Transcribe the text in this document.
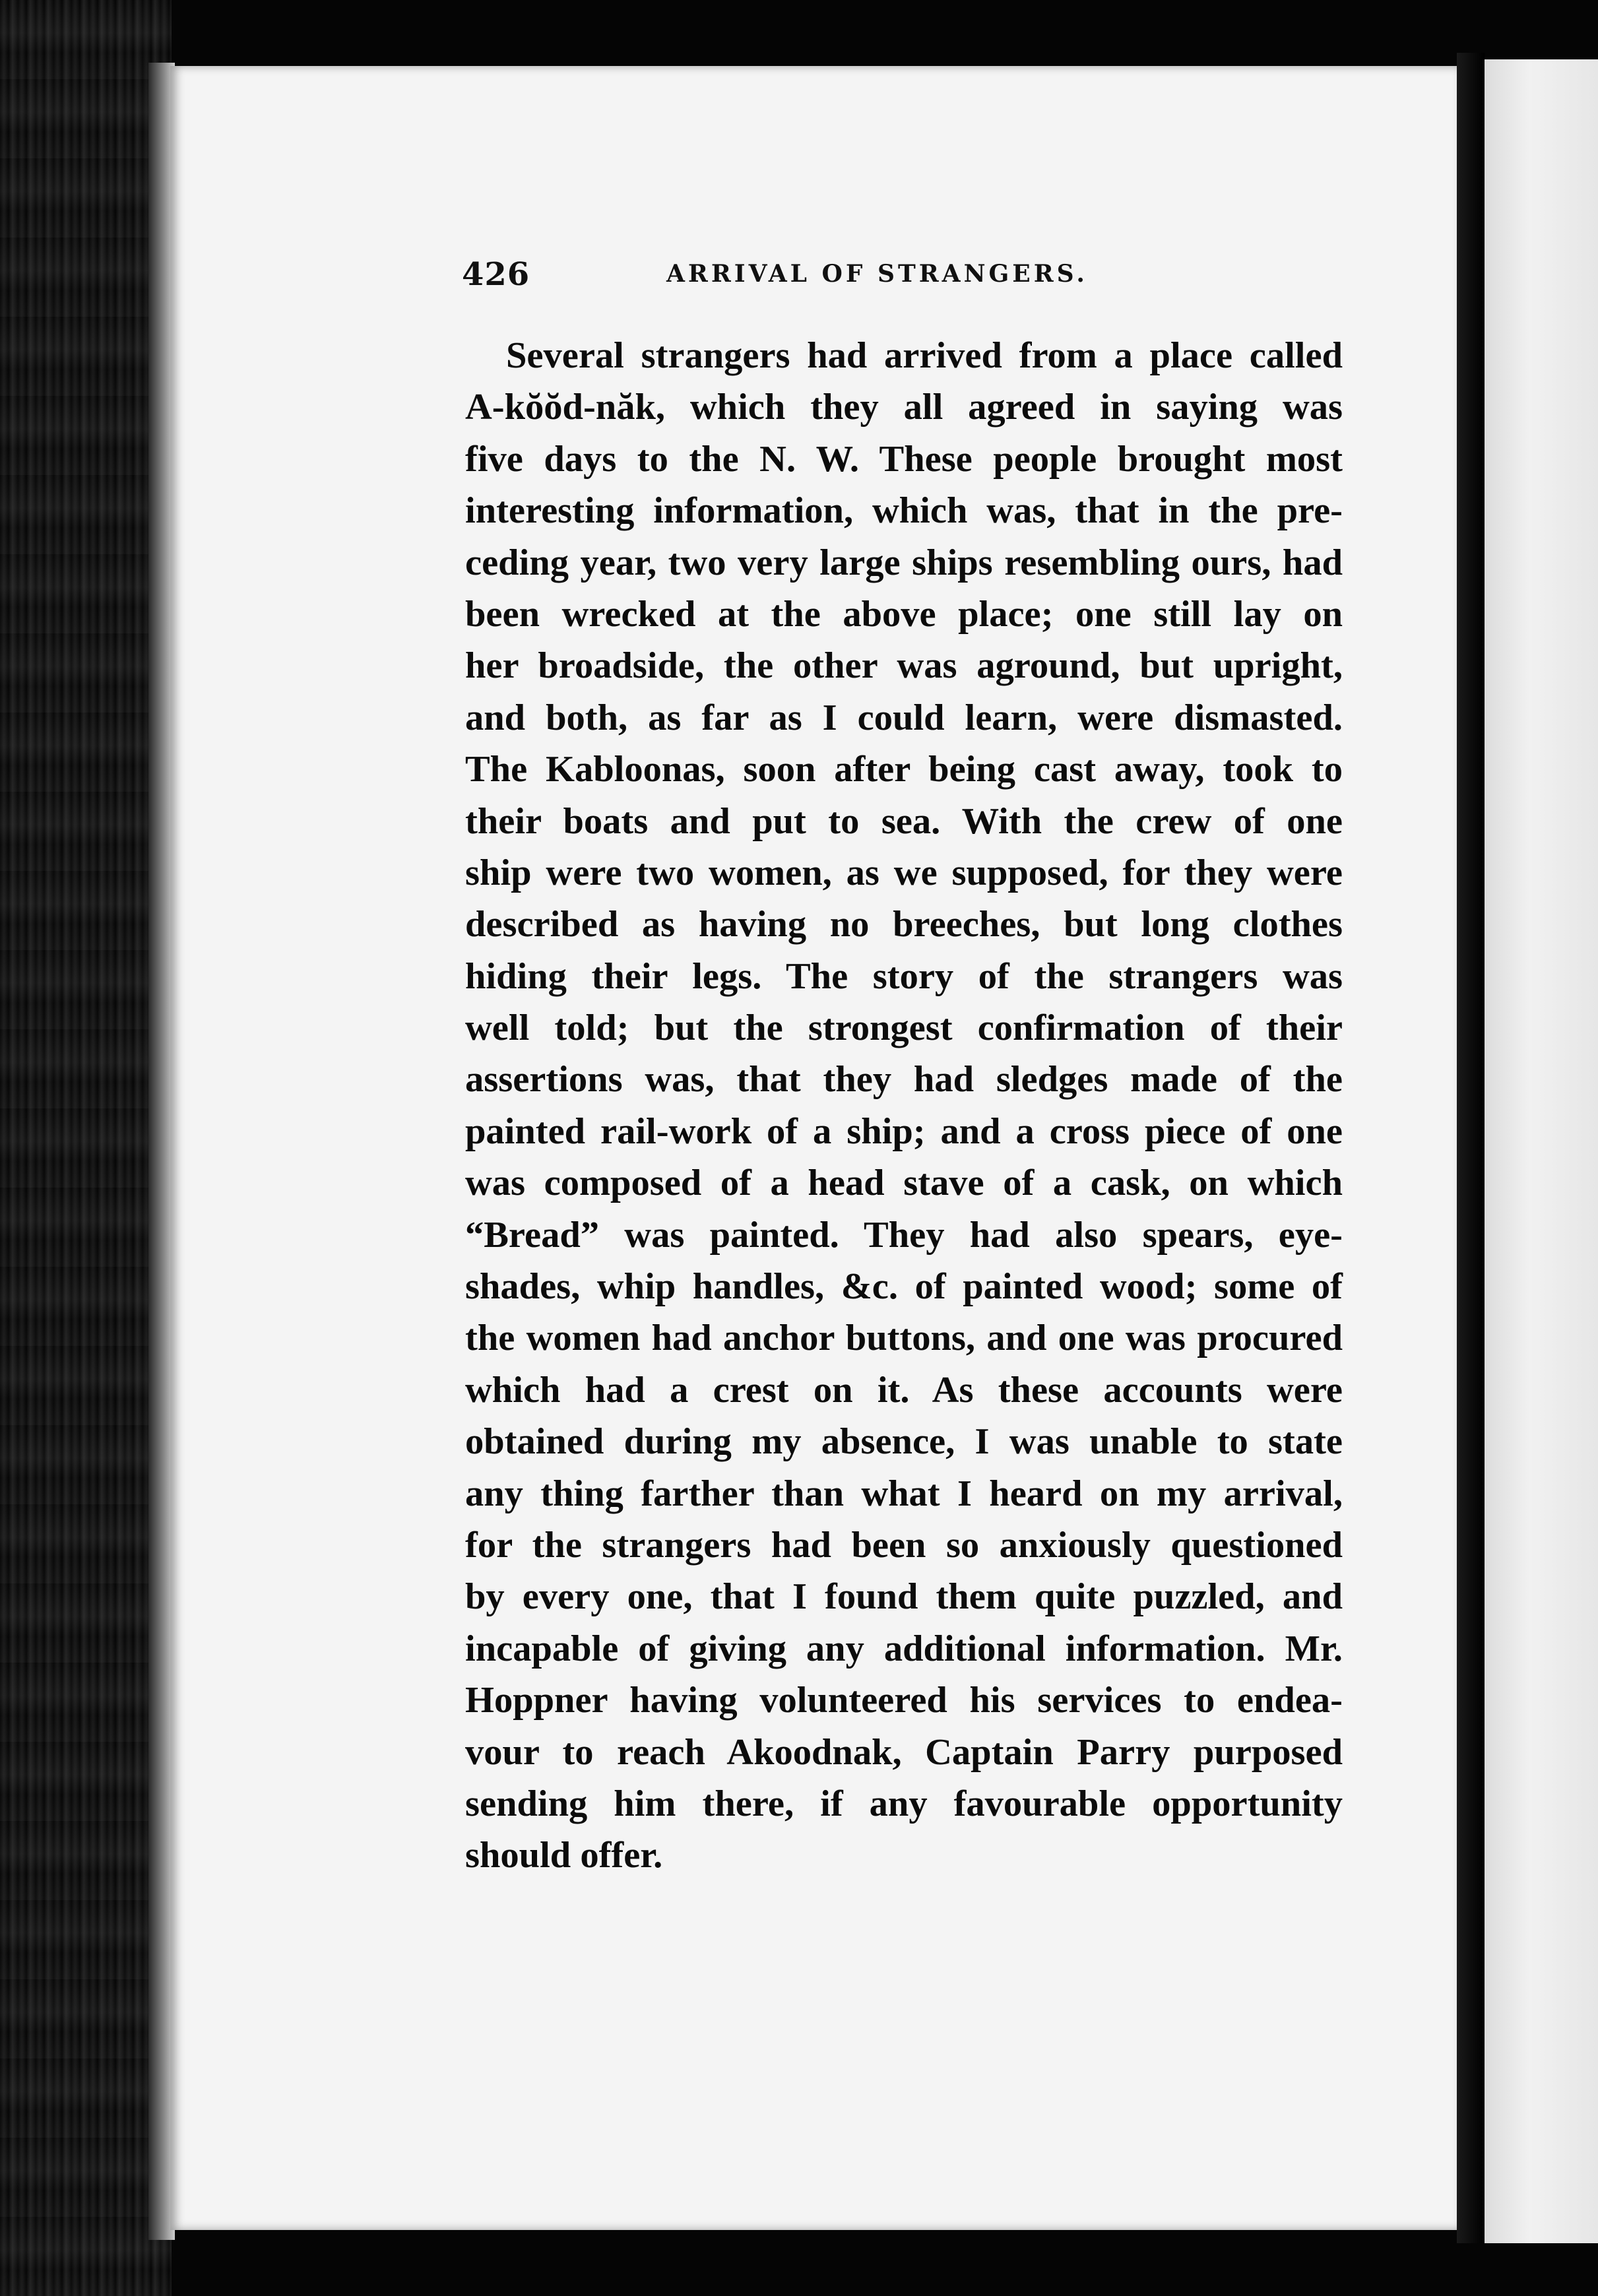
426	ARRIVAL OF STRANGERS.
Several strangers had arrived from a place called
A-kŏŏd-năk, which they all agreed in saying was
five days to the N. W. These people brought most
interesting information, which was, that in the pre-
ceding year, two very large ships resembling ours, had
been wrecked at the above place; one still lay on
her broadside, the other was aground, but upright,
and both, as far as I could learn, were dismasted.
The Kabloonas, soon after being cast away, took to
their boats and put to sea. With the crew of one
ship were two women, as we supposed, for they were
described as having no breeches, but long clothes
hiding their legs. The story of the strangers was
well told; but the strongest confirmation of their
assertions was, that they had sledges made of the
painted rail-work of a ship; and a cross piece of one
was composed of a head stave of a cask, on which
“Bread” was painted. They had also spears, eye-
shades, whip handles, &c. of painted wood; some of
the women had anchor buttons, and one was procured
which had a crest on it. As these accounts were
obtained during my absence, I was unable to state
any thing farther than what I heard on my arrival,
for the strangers had been so anxiously questioned
by every one, that I found them quite puzzled, and
incapable of giving any additional information. Mr.
Hoppner having volunteered his services to endea-
vour to reach Akoodnak, Captain Parry purposed
sending him there, if any favourable opportunity
should offer.
